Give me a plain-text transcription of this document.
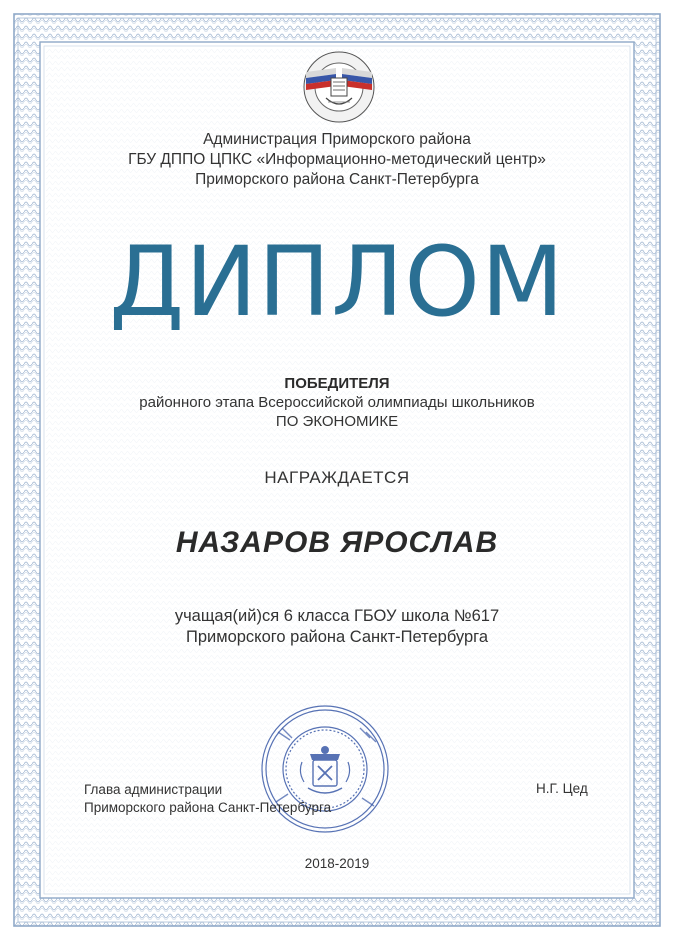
Администрация Приморского района
ГБУ ДППО ЦПКС «Информационно-методический центр»
Приморского района Санкт-Петербурга
ДИПЛОМ
ПОБЕДИТЕЛЯ
районного этапа Всероссийской олимпиады школьников
ПО ЭКОНОМИКЕ
НАГРАЖДАЕТСЯ
НАЗАРОВ ЯРОСЛАВ
учащая(ий)ся 6 класса ГБОУ школа №617
Приморского района Санкт-Петербурга
Глава администрации
Приморского района Санкт-Петербурга
Н.Г. Цед
2018-2019
